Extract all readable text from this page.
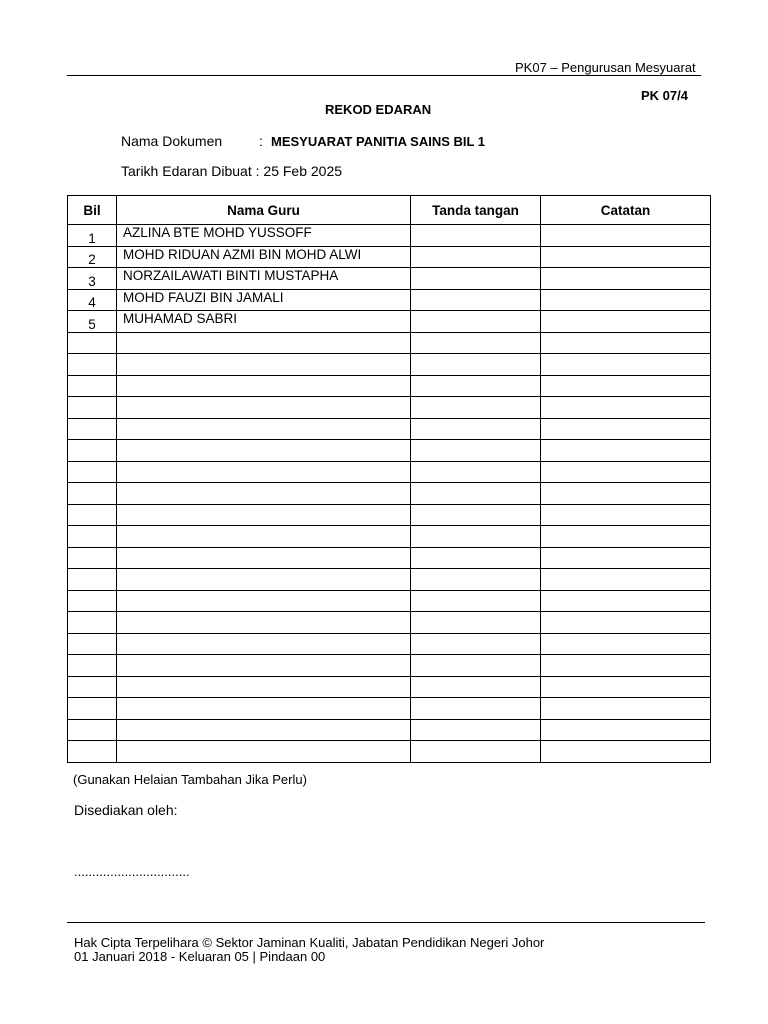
PK07 – Pengurusan Mesyuarat
PK 07/4
REKOD EDARAN
Nama Dokumen	: MESYUARAT PANITIA SAINS BIL 1
Tarikh Edaran Dibuat : 25 Feb 2025
Bil	Nama Guru	Tanda tangan	Catatan
1	AZLINA BTE MOHD YUSSOFF		
2	MOHD RIDUAN AZMI BIN MOHD ALWI		
3	NORZAILAWATI BINTI MUSTAPHA		
4	MOHD FAUZI BIN JAMALI		
5	MUHAMAD SABRI		

(Gunakan Helaian Tambahan Jika Perlu)
Disediakan oleh:
................................
Hak Cipta Terpelihara © Sektor Jaminan Kualiti, Jabatan Pendidikan Negeri Johor
01 Januari 2018 - Keluaran 05 | Pindaan 00
